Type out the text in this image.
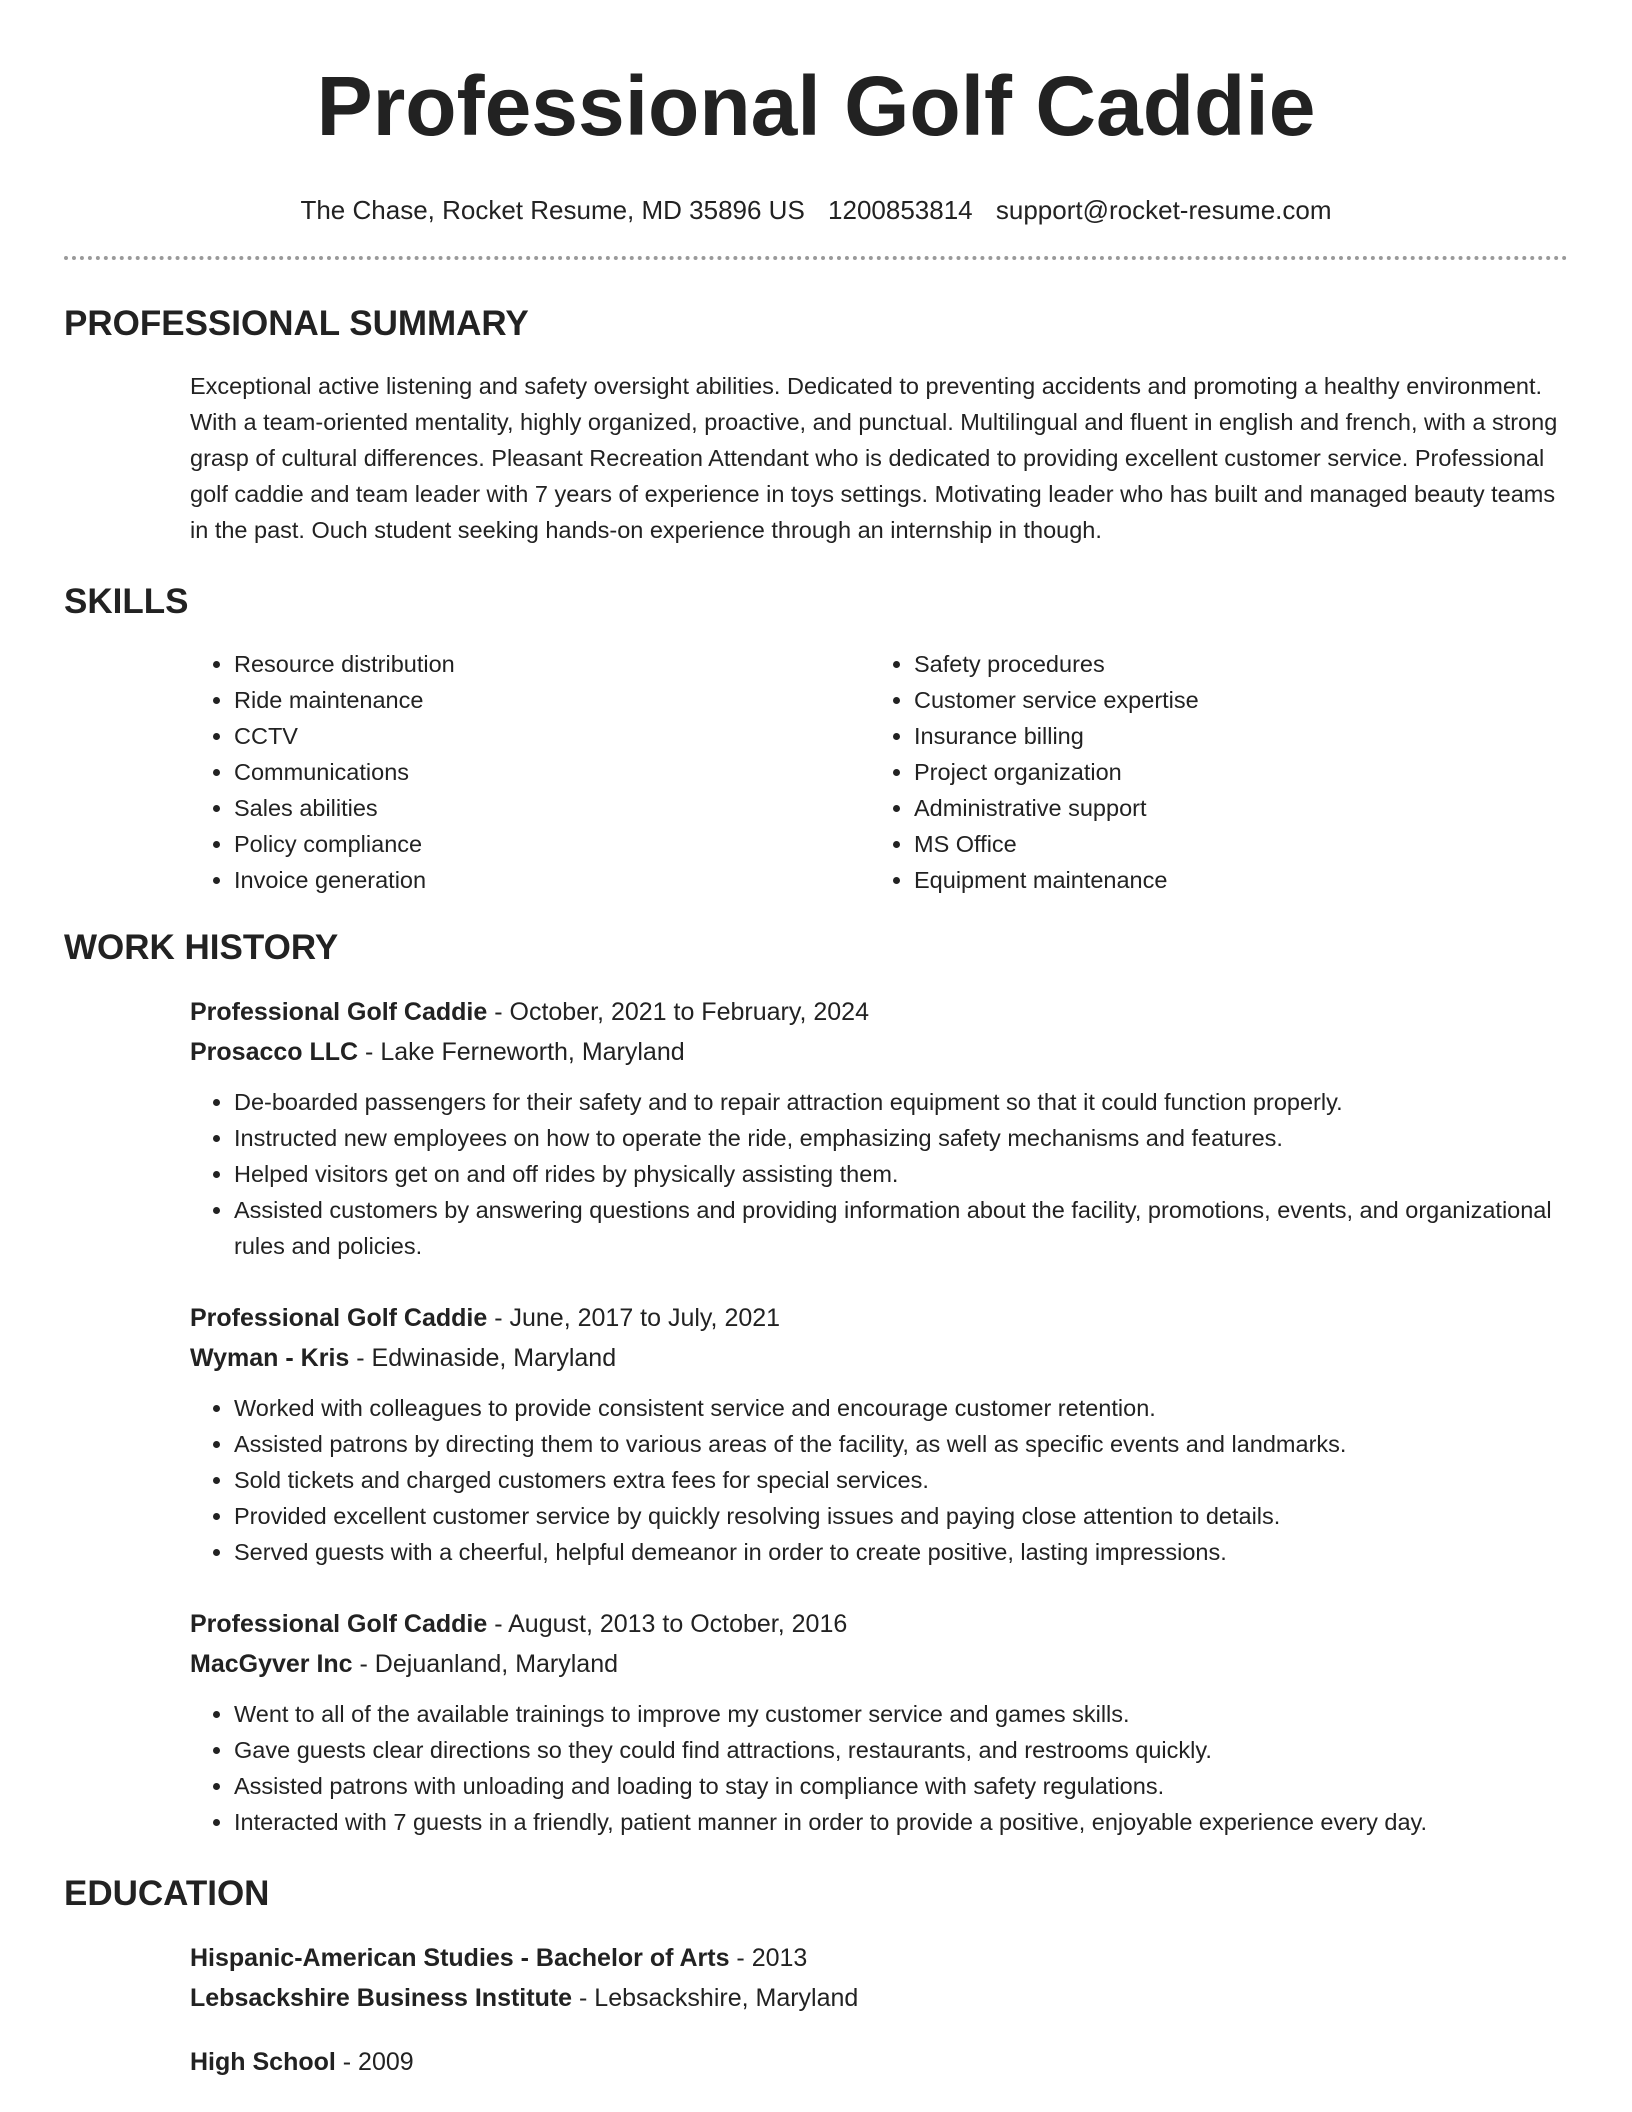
Professional Golf Caddie
The Chase, Rocket Resume, MD 35896 US 1200853814 support@rocket-resume.com
PROFESSIONAL SUMMARY

Exceptional active listening and safety oversight abilities. Dedicated to preventing accidents and promoting a healthy environment. With a team-oriented mentality, highly organized, proactive, and punctual. Multilingual and fluent in english and french, with a strong grasp of cultural differences. Pleasant Recreation Attendant who is dedicated to providing excellent customer service. Professional golf caddie and team leader with 7 years of experience in toys settings. Motivating leader who has built and managed beauty teams in the past. Ouch student seeking hands-on experience through an internship in though.

SKILLS
• Resource distribution
• Ride maintenance
• CCTV
• Communications
• Sales abilities
• Policy compliance
• Invoice generation
• Safety procedures
• Customer service expertise
• Insurance billing
• Project organization
• Administrative support
• MS Office
• Equipment maintenance
WORK HISTORY
Professional Golf Caddie - October, 2021 to February, 2024
Prosacco LLC - Lake Ferneworth, Maryland
• De-boarded passengers for their safety and to repair attraction equipment so that it could function properly.
• Instructed new employees on how to operate the ride, emphasizing safety mechanisms and features.
• Helped visitors get on and off rides by physically assisting them.
• Assisted customers by answering questions and providing information about the facility, promotions, events, and organizational rules and policies.
Professional Golf Caddie - June, 2017 to July, 2021
Wyman - Kris - Edwinaside, Maryland
• Worked with colleagues to provide consistent service and encourage customer retention.
• Assisted patrons by directing them to various areas of the facility, as well as specific events and landmarks.
• Sold tickets and charged customers extra fees for special services.
• Provided excellent customer service by quickly resolving issues and paying close attention to details.
• Served guests with a cheerful, helpful demeanor in order to create positive, lasting impressions.
Professional Golf Caddie - August, 2013 to October, 2016
MacGyver Inc - Dejuanland, Maryland
• Went to all of the available trainings to improve my customer service and games skills.
• Gave guests clear directions so they could find attractions, restaurants, and restrooms quickly.
• Assisted patrons with unloading and loading to stay in compliance with safety regulations.
• Interacted with 7 guests in a friendly, patient manner in order to provide a positive, enjoyable experience every day.
EDUCATION
Hispanic-American Studies - Bachelor of Arts - 2013
Lebsackshire Business Institute - Lebsackshire, Maryland
High School - 2009
